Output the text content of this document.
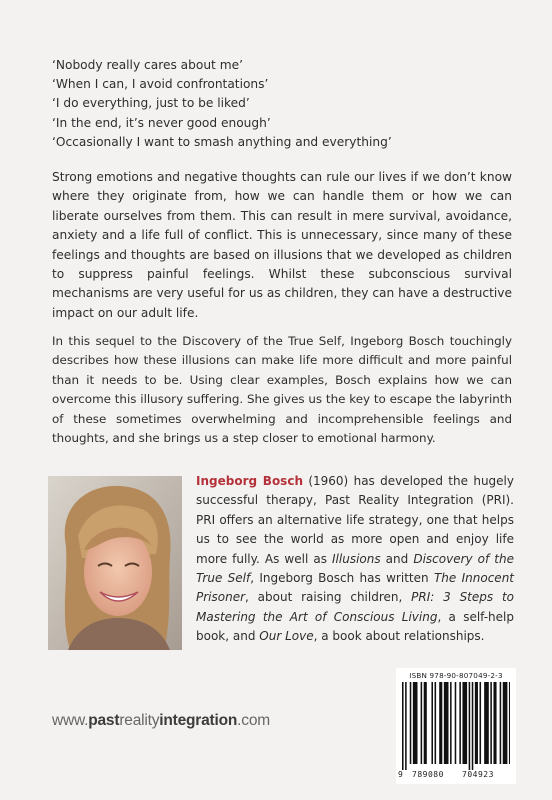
‘Nobody really cares about me’
‘When I can, I avoid confrontations’
‘I do everything, just to be liked’
‘In the end, it’s never good enough’
‘Occasionally I want to smash anything and everything’

Strong emotions and negative thoughts can rule our lives if we don’t know where they originate from, how we can handle them or how we can liberate ourselves from them. This can result in mere survival, avoidance, anxiety and a life full of conflict. This is unnecessary, since many of these feelings and thoughts are based on illusions that we developed as children to suppress painful feelings. Whilst these subconscious survival mechanisms are very useful for us as children, they can have a destructive impact on our adult life.

In this sequel to the Discovery of the True Self, Ingeborg Bosch touchingly describes how these illusions can make life more difficult and more painful than it needs to be. Using clear examples, Bosch explains how we can overcome this illusory suffering. She gives us the key to escape the labyrinth of these sometimes overwhelming and incomprehensible feelings and thoughts, and she brings us a step closer to emotional harmony.

Ingeborg Bosch (1960) has developed the hugely successful therapy, Past Reality Integration (PRI). PRI offers an alternative life strategy, one that helps us to see the world as more open and enjoy life more fully. As well as Illusions and Discovery of the True Self, Ingeborg Bosch has written The Innocent Prisoner, about raising children, PRI: 3 Steps to Mastering the Art of Conscious Living, a self-help book, and Our Love, a book about relationships.

ISBN 978-90-807049-2-3
9 789080 704923
www.pastrealityintegration.com
